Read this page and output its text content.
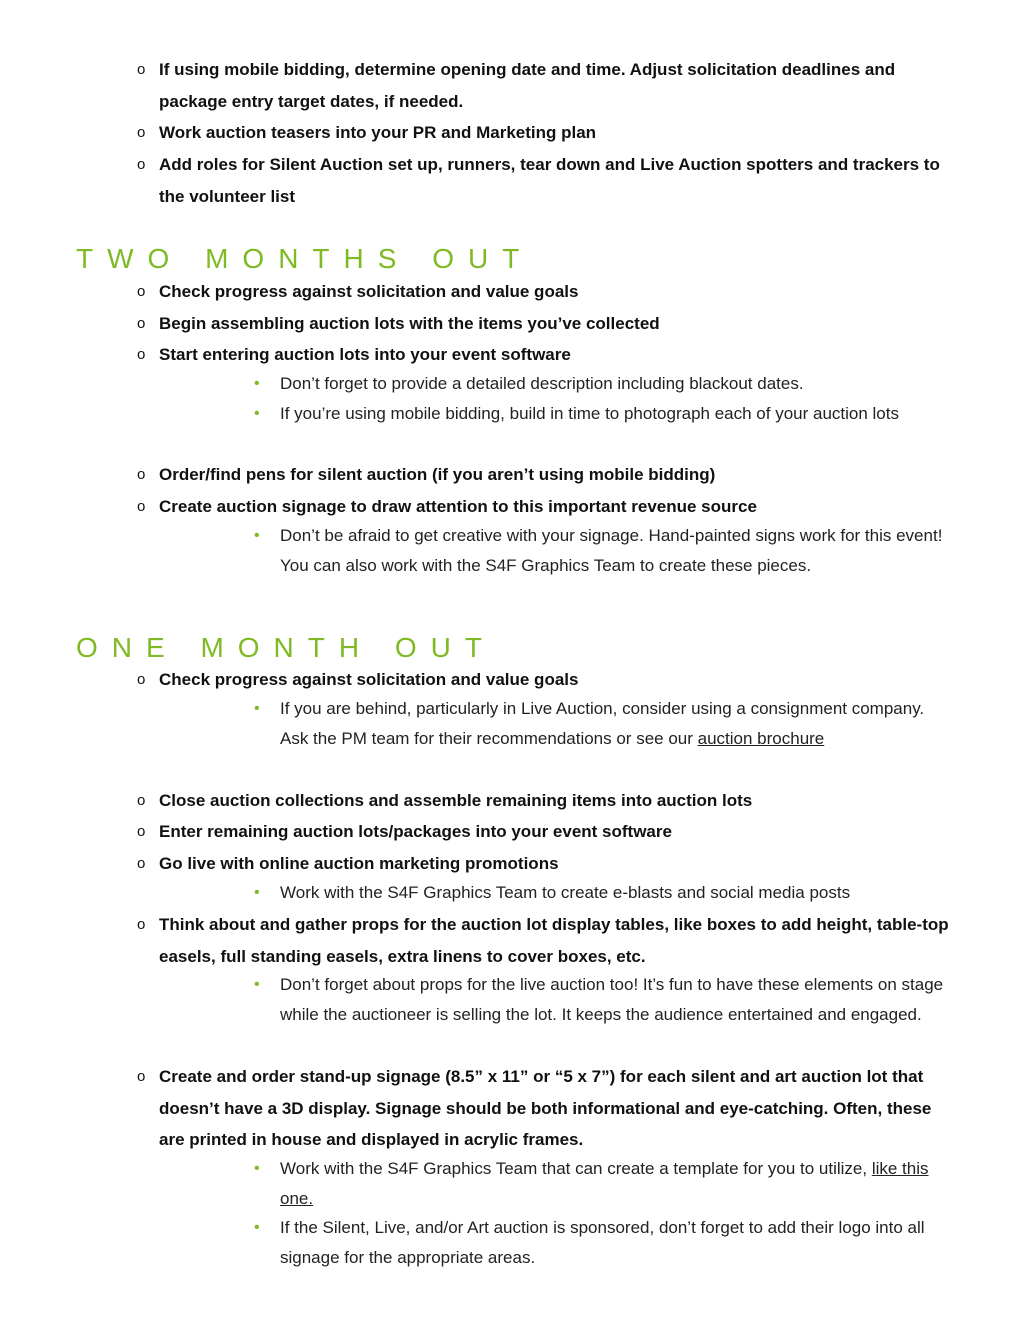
o If using mobile bidding, determine opening date and time. Adjust solicitation deadlines and package entry target dates, if needed.
o Work auction teasers into your PR and Marketing plan
o Add roles for Silent Auction set up, runners, tear down and Live Auction spotters and trackers to the volunteer list
TWO MONTHS OUT
o Check progress against solicitation and value goals
o Begin assembling auction lots with the items you’ve collected
o Start entering auction lots into your event software
• Don’t forget to provide a detailed description including blackout dates.
• If you’re using mobile bidding, build in time to photograph each of your auction lots
o Order/find pens for silent auction (if you aren’t using mobile bidding)
o Create auction signage to draw attention to this important revenue source
• Don’t be afraid to get creative with your signage. Hand-painted signs work for this event! You can also work with the S4F Graphics Team to create these pieces.
ONE MONTH OUT
o Check progress against solicitation and value goals
• If you are behind, particularly in Live Auction, consider using a consignment company. Ask the PM team for their recommendations or see our auction brochure
o Close auction collections and assemble remaining items into auction lots
o Enter remaining auction lots/packages into your event software
o Go live with online auction marketing promotions
• Work with the S4F Graphics Team to create e-blasts and social media posts
o Think about and gather props for the auction lot display tables, like boxes to add height, table-top easels, full standing easels, extra linens to cover boxes, etc.
• Don’t forget about props for the live auction too! It’s fun to have these elements on stage while the auctioneer is selling the lot. It keeps the audience entertained and engaged.
o Create and order stand-up signage (8.5” x 11” or “5 x 7”) for each silent and art auction lot that doesn’t have a 3D display. Signage should be both informational and eye-catching. Often, these are printed in house and displayed in acrylic frames.
• Work with the S4F Graphics Team that can create a template for you to utilize, like this one.
• If the Silent, Live, and/or Art auction is sponsored, don’t forget to add their logo into all signage for the appropriate areas.
